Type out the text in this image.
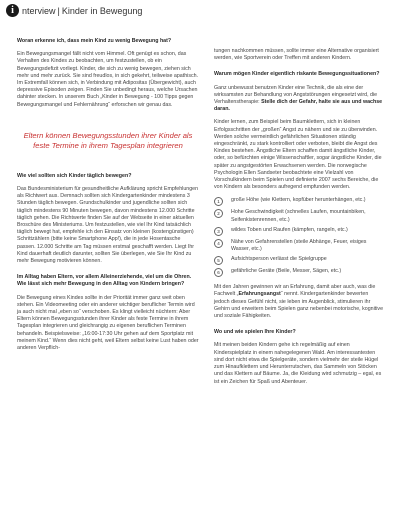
i nterview | Kinder in Bewegung

Woran erkenne ich, dass mein Kind zu wenig Bewegung hat?

Ein Bewegungsmangel fällt nicht vom Himmel. Oft genügt es schon, das Verhalten des Kindes zu beobachten, um festzustellen, ob ein Bewegungsdefizit vorliegt. Kinder, die sich zu wenig bewegen, ziehen sich mehr und mehr zurück. Sie sind freudlos, in sich gekehrt, teilweise apathisch. Im Extremfall können sich, in Verbindung mit Adipositas (Übergewicht), auch depressive Episoden zeigen. Finden Sie unbedingt heraus, welche Ursachen dahinter stecken. In unserem Buch „Kinder in Bewegung - 100 Tipps gegen Bewegungsmangel und Fehlernährung“ erforschen wir genau das.

Eltern können Bewegungsstunden ihrer Kinder als feste Termine in ihrem Tagesplan integrieren

Wie viel sollten sich Kinder täglich bewegen?

Das Bundesministerium für gesundheitliche Aufklärung spricht Empfehlungen als Richtwert aus. Demnach sollten sich Kindergartenkinder mindestens 3 Stunden täglich bewegen. Grundschulkinder und jugendliche sollten sich täglich mindestens 90 Minuten bewegen, davon mindestens 12.000 Schritte täglich gehen. Die Richtwerte finden Sie auf der Webseite in einer aktuellen Broschüre des Ministeriums. Um festzustellen, wie viel Ihr Kind tatsächlich täglich bewegt hat, empfehle ich den Einsatz von kleinen (kostengünstigen) Schrittzählern (bitte keine Smartphone App!), die in jede Hosentasche passen. 12.000 Schritte am Tag müssen erstmal geschafft werden. Liegt Ihr Kind dauerhaft deutlich darunter, sollten Sie überlegen, wie Sie Ihr Kind zu mehr Bewegung motivieren können.

Im Alltag haben Eltern, vor allem Alleinerziehende, viel um die Ohren. Wie lässt sich mehr Bewegung in den Alltag von Kindern bringen?

Die Bewegung eines Kindes sollte in der Priorität immer ganz weit oben stehen. Ein Videomeeting oder ein anderer wichtiger beruflicher Termin wird ja auch nicht mal „eben so“ verschoben. Es klingt vielleicht nüchtern: Aber Eltern können Bewegungsstunden ihrer Kinder als feste Termine in ihrem Tagesplan integrieren und gleichrangig zu eigenen beruflichen Terminen behandeln. Beispielsweise: „16:00-17:30 Uhr gehen auf dem Sportplatz mit meinem Kind.“ Wenn dies nicht geht, weil Eltern selbst keine Lust haben oder anderen Verpflich-

tungen nachkommen müssen, sollte immer eine Alternative organisiert werden, wie Sportverein oder Treffen mit anderen Kindern.

Warum mögen Kinder eigentlich riskante Bewegungssituationen?

Ganz unbewusst benutzen Kinder eine Technik, die als eine der wirksamsten zur Behandlung von Angststörungen eingesetzt wird, die Verhaltenstherapie: Stelle dich der Gefahr, halte sie aus und wachse daran.

Kinder lernen, zum Beispiel beim Baumklettern, sich in kleinen Erfolgsschritten der „großen“ Angst zu nähern und sie zu überwinden. Werden solche vermeintlich gefährlichen Situationen ständig eingeschränkt, zu stark kontrolliert oder verboten, bleibt die Angst des Kindes bestehen. Ängstliche Eltern schaffen damit ängstliche Kinder, oder, so befürchten einige Wissenschaftler, sogar ängstliche Kinder, die später zu angstgestörten Erwachsenen werden. Die norwegische Psychologin Ellen Sandseter beobachtete eine Vielzahl von Vorschulkindern beim Spielen und definierte 2007 sechs Bereiche, die von Kindern als besonders aufregend empfunden werden.

1	große Höhe (wie Klettern, kopfüber herunterhängen, etc.)
2	Hohe Geschwindigkeit (schnelles Laufen, mountainbiken, Seifenkistenrennen, etc.)
3	wildes Toben und Raufen (kämpfen, rangeln, etc.)
4	Nähe von Gefahrenstellen (steile Abhänge, Feuer, eisiges Wasser, etc.)
5	Aufsichtsperson verlässt die Spielgruppe
6	gefährliche Geräte (Beile, Messer, Sägen, etc.)

Mit den Jahren gewinnen wir an Erfahrung, damit aber auch, was die Fachwelt „Erfahrungsangst“ nennt. Kindergartenkinder bewerten jedoch dieses Gefühl nicht, sie leben im Augenblick, stimulieren ihr Gehirn und erweitern beim Spielen ganz nebenbei motorische, kognitive und soziale Fähigkeiten.

Wo und wie spielen Ihre Kinder?

Mit meinen beiden Kindern gehe ich regelmäßig auf einen Kinderspielplatz in einem nahegelegenen Wald. Am interessantesten sind dort nicht etwa die Spielgeräte, sondern vielmehr der steile Hügel zum Hinaufklettern und Herunterrutschen, das Sammeln von Stöcken und das Klettern auf Bäume. Ja, die Kleidung wird schmutzig – egal, es ist ein Zeichen für Spaß und Abenteuer.
